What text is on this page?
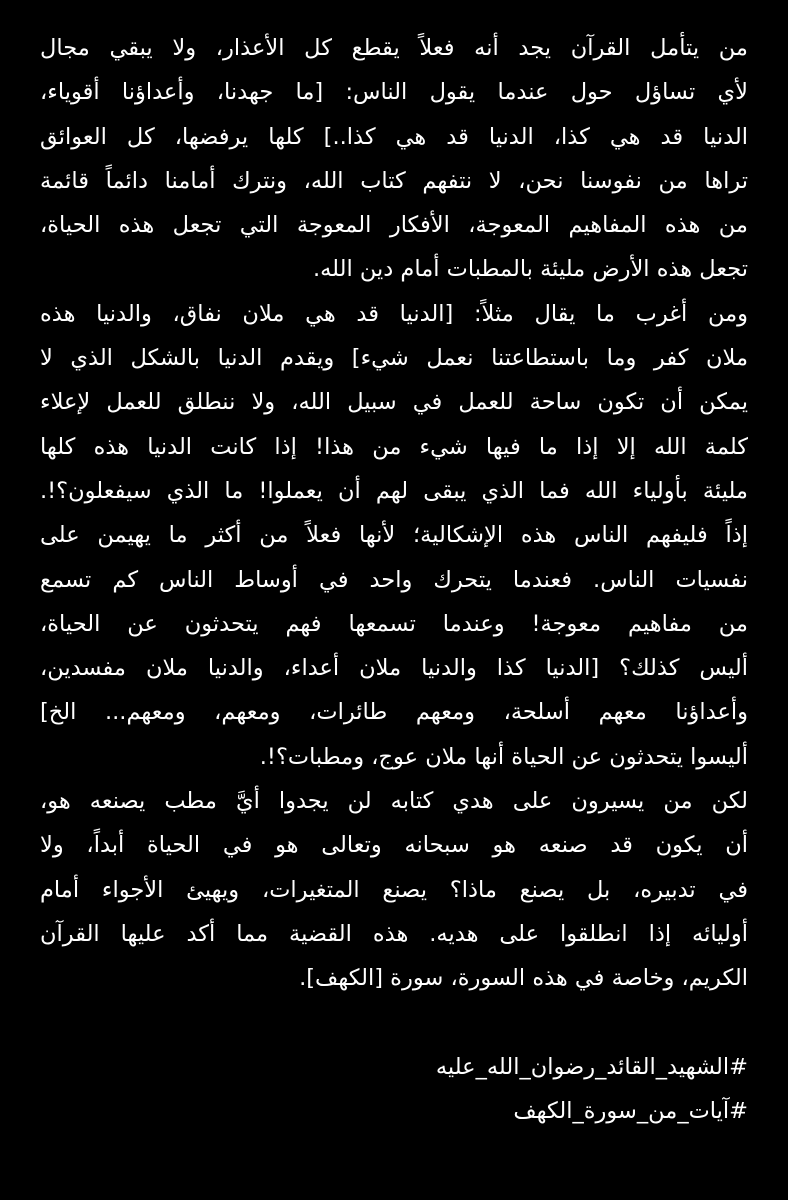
من يتأمل القرآن يجد أنه فعلاً يقطع كل الأعذار، ولا يبقي مجال
لأي تساؤل حول عندما يقول الناس: [ما جهدنا، وأعداؤنا أقوياء،
الدنيا قد هي كذا، الدنيا قد هي كذا..] كلها يرفضها، كل العوائق
تراها من نفوسنا نحن، لا نتفهم كتاب الله، ونترك أمامنا دائماً قائمة
من هذه المفاهيم المعوجة، الأفكار المعوجة التي تجعل هذه الحياة،
تجعل هذه الأرض مليئة بالمطبات أمام دين الله.
ومن أغرب ما يقال مثلاً: [الدنيا قد هي ملان نفاق، والدنيا هذه
ملان كفر وما باستطاعتنا نعمل شيء] ويقدم الدنيا بالشكل الذي لا
يمكن أن تكون ساحة للعمل في سبيل الله، ولا ننطلق للعمل لإعلاء
كلمة الله إلا إذا ما فيها شيء من هذا! إذا كانت الدنيا هذه كلها
مليئة بأولياء الله فما الذي يبقى لهم أن يعملوا! ما الذي سيفعلون؟!.
إذاً فليفهم الناس هذه الإشكالية؛ لأنها فعلاً من أكثر ما يهيمن على
نفسيات الناس. فعندما يتحرك واحد في أوساط الناس كم تسمع
من مفاهيم معوجة! وعندما تسمعها فهم يتحدثون عن الحياة،
أليس كذلك؟ [الدنيا كذا والدنيا ملان أعداء، والدنيا ملان مفسدين،
وأعداؤنا معهم أسلحة، ومعهم طائرات، ومعهم، ومعهم... الخ]
أليسوا يتحدثون عن الحياة أنها ملان عوج، ومطبات؟!.
لكن من يسيرون على هدي كتابه لن يجدوا أيَّ مطب يصنعه هو،
أن يكون قد صنعه هو سبحانه وتعالى هو في الحياة أبداً، ولا
في تدبيره، بل يصنع ماذا؟ يصنع المتغيرات، ويهيئ الأجواء أمام
أوليائه إذا انطلقوا على هديه. هذه القضية مما أكد عليها القرآن
الكريم، وخاصة في هذه السورة، سورة [الكهف].
#الشهيد_القائد_رضوان_الله_عليه
#آيات_من_سورة_الكهف
